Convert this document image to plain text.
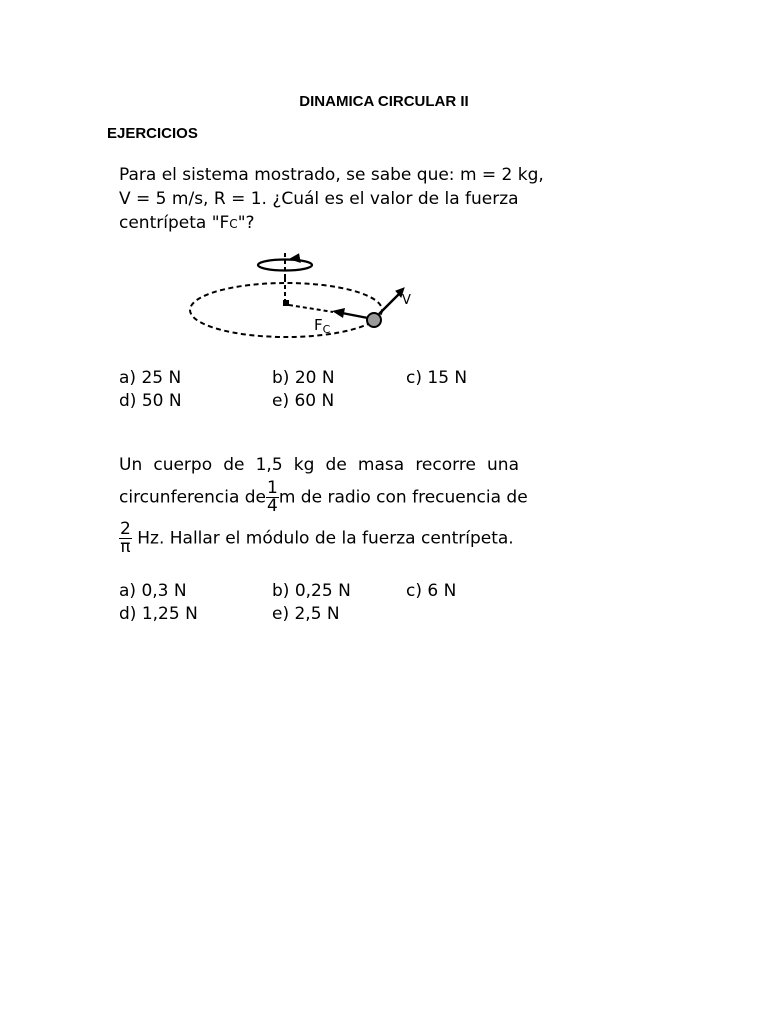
DINAMICA CIRCULAR II
EJERCICIOS
Para el sistema mostrado, se sabe que: m = 2 kg,
V = 5 m/s, R = 1. ¿Cuál es el valor de la fuerza
centrípeta "FC"?
V
$F_C$
a) 25 N	b) 20 N	c) 15 N
d) 50 N	e) 60 N
Un cuerpo de 1,5 kg de masa recorre una
circunferencia de $\frac{1}{4}$ m de radio con frecuencia de
$\frac{2}{\pi} Hz$. Hallar el módulo de la fuerza centrípeta.
a) 0,3 N	b) 0,25 N	c) 6 N
d) 1,25 N	e) 2,5 N
